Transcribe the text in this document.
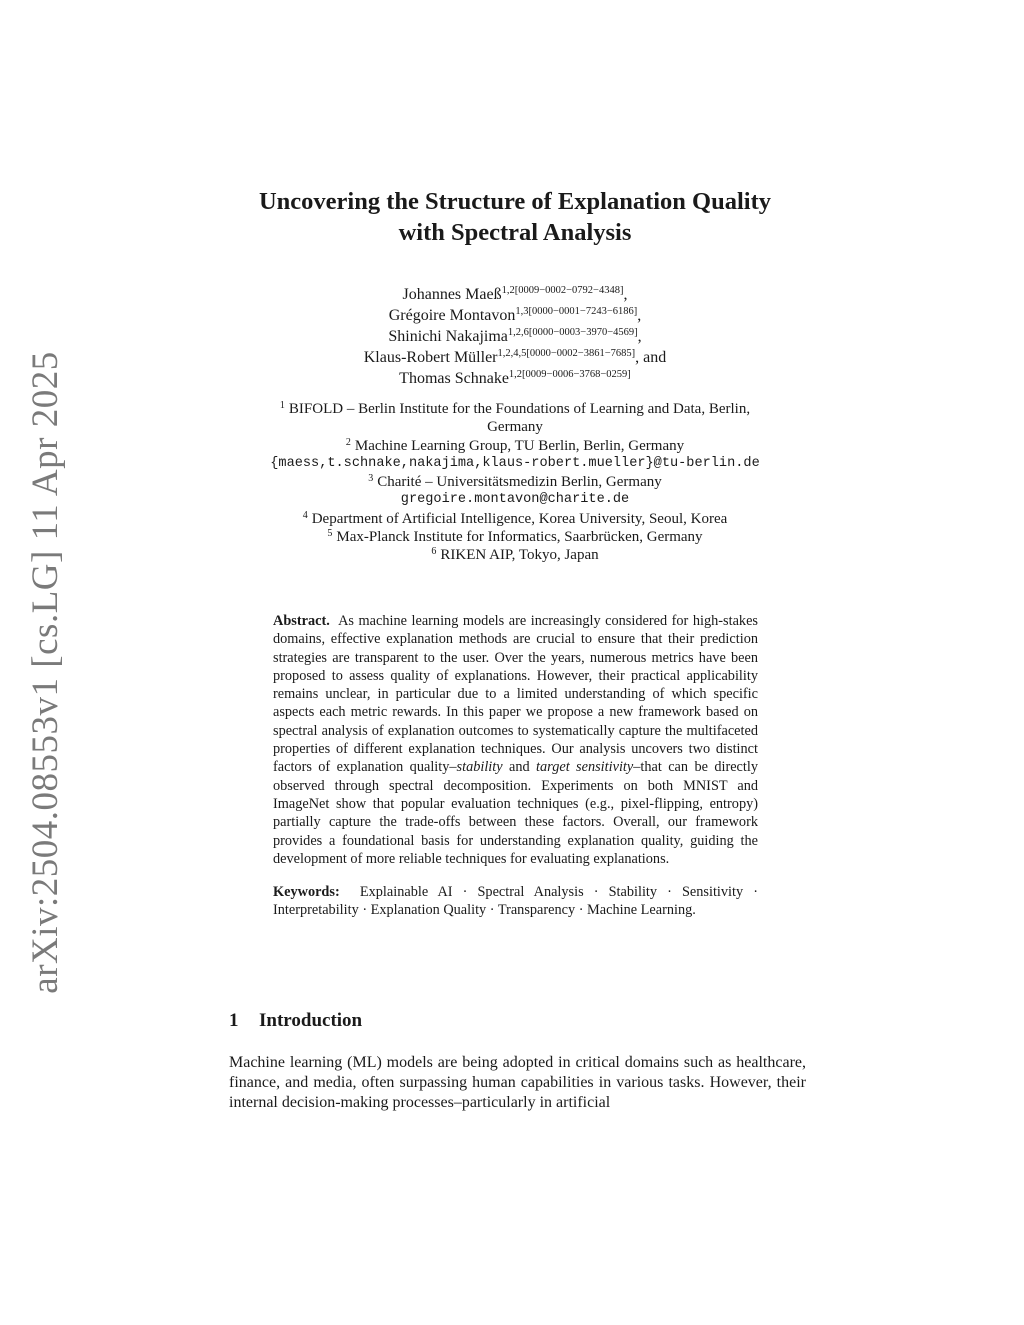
arXiv:2504.08553v1 [cs.LG] 11 Apr 2025
Uncovering the Structure of Explanation Quality
with Spectral Analysis
Johannes Maeß$^{1,2[0009-0002-0792-4348]}$,
Grégoire Montavon$^{1,3[0000-0001-7243-6186]}$,
Shinichi Nakajima$^{1,2,6[0000-0003-3970-4569]}$,
Klaus-Robert Müller$^{1,2,4,5[0000-0002-3861-7685]}$, and
Thomas Schnake$^{1,2[0009-0006-3768-0259]}$
$^1$ BIFOLD – Berlin Institute for the Foundations of Learning and Data, Berlin,
Germany
$^2$ Machine Learning Group, TU Berlin, Berlin, Germany
{maess,t.schnake,nakajima,klaus-robert.mueller}@tu-berlin.de
$^3$ Charité – Universitätsmedizin Berlin, Germany
gregoire.montavon@charite.de
$^4$ Department of Artificial Intelligence, Korea University, Seoul, Korea
$^5$ Max-Planck Institute for Informatics, Saarbrücken, Germany
$^6$ RIKEN AIP, Tokyo, Japan

Abstract. As machine learning models are increasingly considered for high-stakes domains, effective explanation methods are crucial to ensure that their prediction strategies are transparent to the user. Over the years, numerous metrics have been proposed to assess quality of explanations. However, their practical applicability remains unclear, in particular due to a limited understanding of which specific aspects each metric rewards. In this paper we propose a new framework based on spectral analysis of explanation outcomes to systematically capture the multifaceted properties of different explanation techniques. Our analysis uncovers two distinct factors of explanation quality–stability and target sensitivity–that can be directly observed through spectral decomposition. Experiments on both MNIST and ImageNet show that popular evaluation techniques (e.g., pixel-flipping, entropy) partially capture the trade-offs between these factors. Overall, our framework provides a foundational basis for understanding explanation quality, guiding the development of more reliable techniques for evaluating explanations.

Keywords: Explainable AI · Spectral Analysis · Stability · Sensitivity · Interpretability · Explanation Quality · Transparency · Machine Learning.

1 Introduction

Machine learning (ML) models are being adopted in critical domains such as healthcare, finance, and media, often surpassing human capabilities in various tasks. However, their internal decision-making processes–particularly in artificial
